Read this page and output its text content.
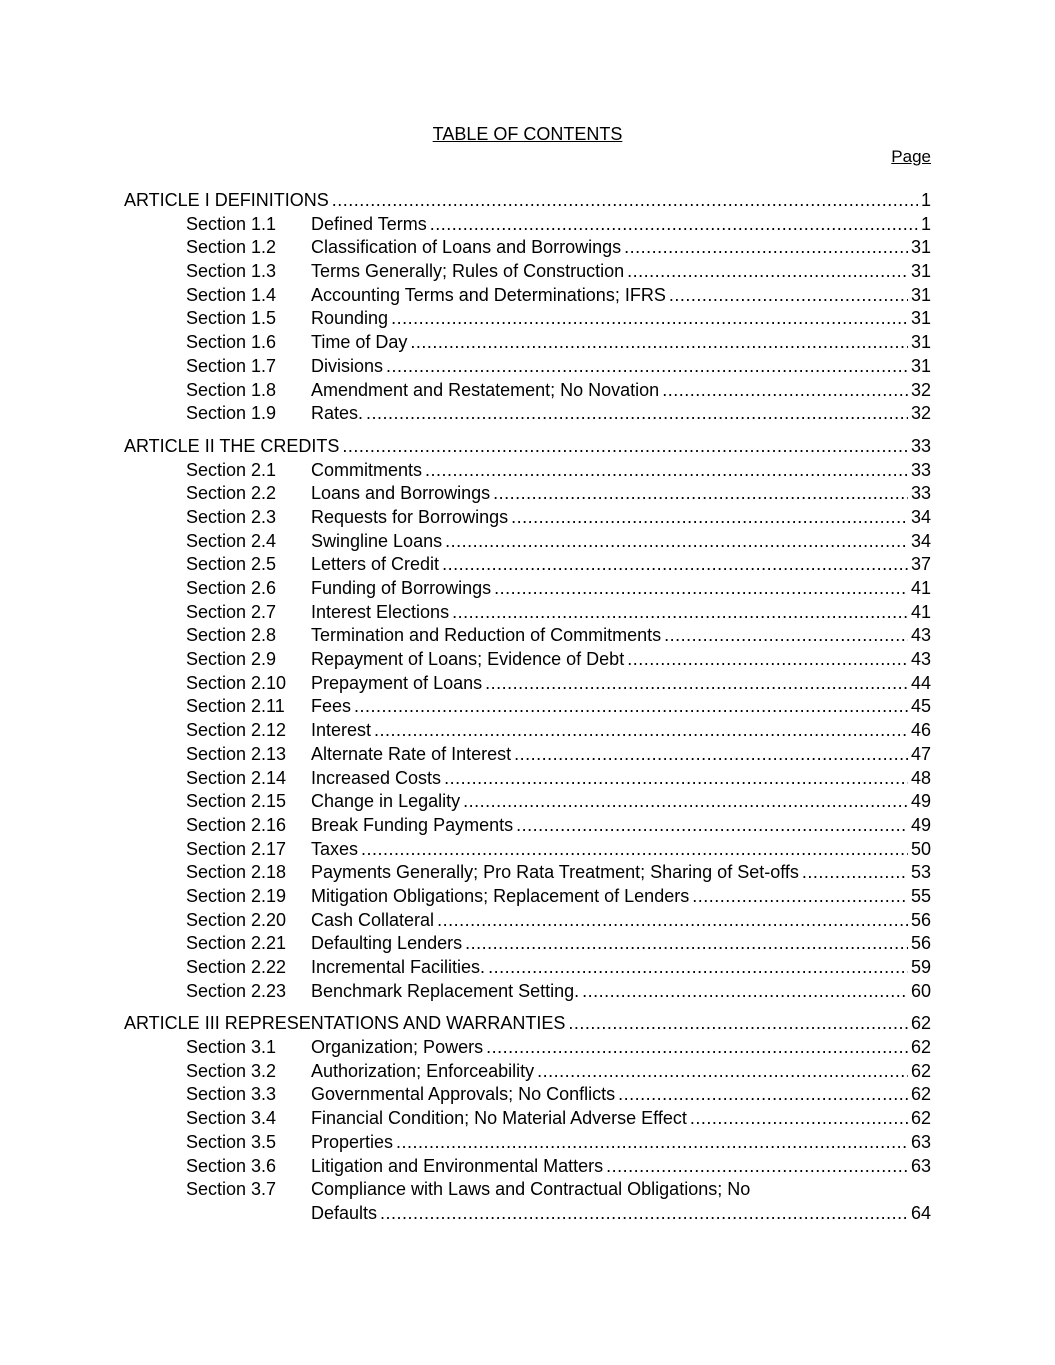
TABLE OF CONTENTS
Page
ARTICLE I DEFINITIONS .....	1
Section 1.1	Defined Terms .....	1
Section 1.2	Classification of Loans and Borrowings .....	31
Section 1.3	Terms Generally; Rules of Construction .....	31
Section 1.4	Accounting Terms and Determinations; IFRS .....	31
Section 1.5	Rounding .....	31
Section 1.6	Time of Day .....	31
Section 1.7	Divisions .....	31
Section 1.8	Amendment and Restatement; No Novation .....	32
Section 1.9	Rates. .....	32
ARTICLE II THE CREDITS .....	33
Section 2.1	Commitments .....	33
Section 2.2	Loans and Borrowings .....	33
Section 2.3	Requests for Borrowings .....	34
Section 2.4	Swingline Loans .....	34
Section 2.5	Letters of Credit .....	37
Section 2.6	Funding of Borrowings .....	41
Section 2.7	Interest Elections .....	41
Section 2.8	Termination and Reduction of Commitments .....	43
Section 2.9	Repayment of Loans; Evidence of Debt .....	43
Section 2.10	Prepayment of Loans .....	44
Section 2.11	Fees .....	45
Section 2.12	Interest .....	46
Section 2.13	Alternate Rate of Interest .....	47
Section 2.14	Increased Costs .....	48
Section 2.15	Change in Legality .....	49
Section 2.16	Break Funding Payments .....	49
Section 2.17	Taxes .....	50
Section 2.18	Payments Generally; Pro Rata Treatment; Sharing of Set-offs .....	53
Section 2.19	Mitigation Obligations; Replacement of Lenders .....	55
Section 2.20	Cash Collateral .....	56
Section 2.21	Defaulting Lenders .....	56
Section 2.22	Incremental Facilities. .....	59
Section 2.23	Benchmark Replacement Setting. .....	60
ARTICLE III REPRESENTATIONS AND WARRANTIES .....	62
Section 3.1	Organization; Powers .....	62
Section 3.2	Authorization; Enforceability .....	62
Section 3.3	Governmental Approvals; No Conflicts .....	62
Section 3.4	Financial Condition; No Material Adverse Effect .....	62
Section 3.5	Properties .....	63
Section 3.6	Litigation and Environmental Matters .....	63
Section 3.7	Compliance with Laws and Contractual Obligations; No
Defaults .....	64
